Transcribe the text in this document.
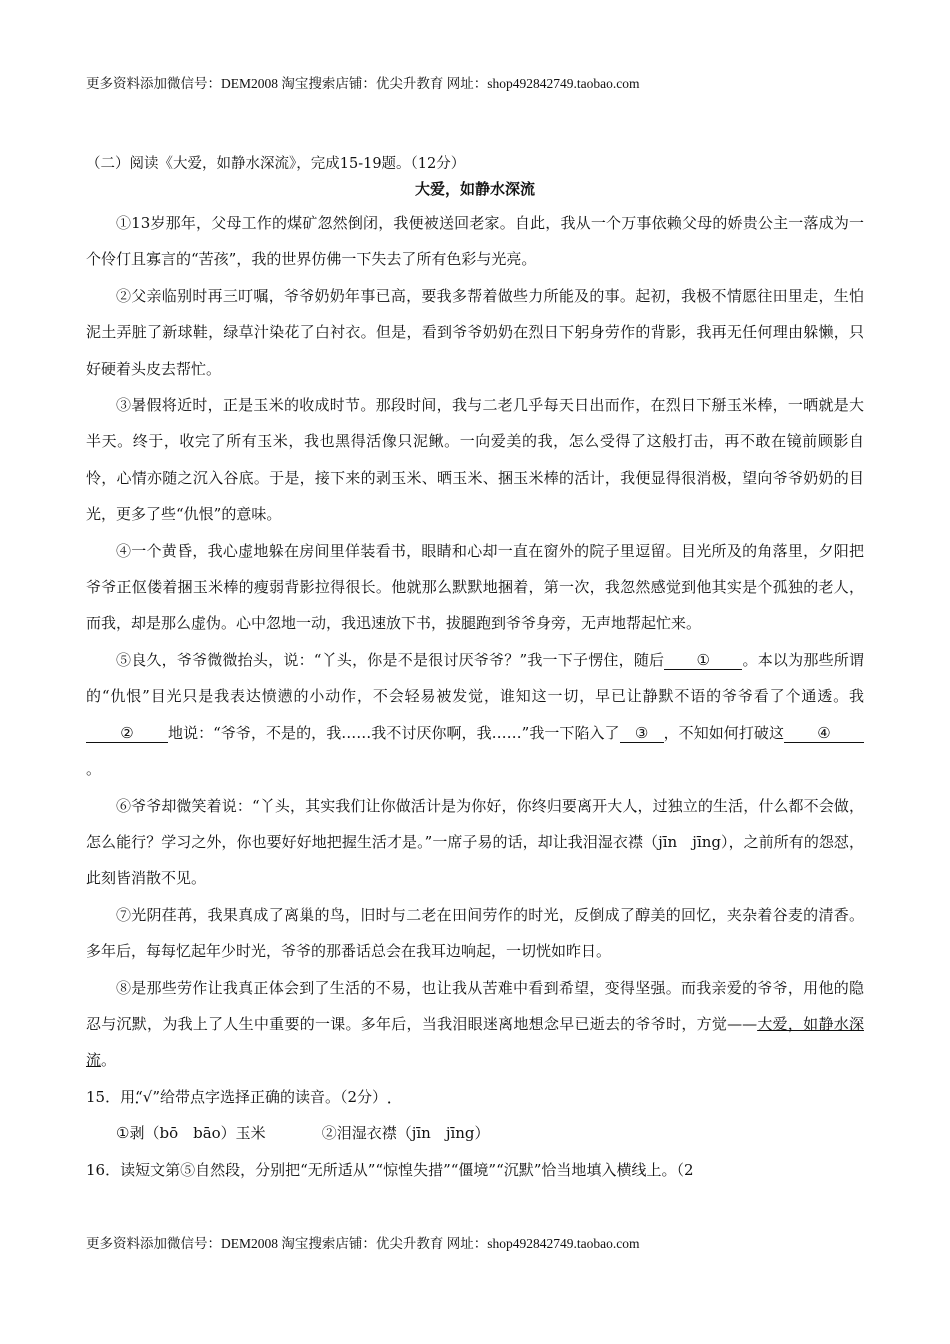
更多资料添加微信号：DEM2008 淘宝搜索店铺：优尖升教育 网址：shop492842749.taobao.com
（二）阅读《大爱，如静水深流》，完成15-19题。（12分）
大爱，如静水深流

①13岁那年，父母工作的煤矿忽然倒闭，我便被送回老家。自此，我从一个万事依赖父母的娇贵公主一落成为一个伶仃且寡言的“苦孩”，我的世界仿佛一下失去了所有色彩与光亮。

②父亲临别时再三叮嘱，爷爷奶奶年事已高，要我多帮着做些力所能及的事。起初，我极不情愿往田里走，生怕泥土弄脏了新球鞋，绿草汁染花了白衬衣。但是，看到爷爷奶奶在烈日下躬身劳作的背影，我再无任何理由躲懒，只好硬着头皮去帮忙。

③暑假将近时，正是玉米的收成时节。那段时间，我与二老几乎每天日出而作，在烈日下掰玉米棒，一晒就是大半天。终于，收完了所有玉米，我也黑得活像只泥鳅。一向爱美的我，怎么受得了这般打击，再不敢在镜前顾影自怜，心情亦随之沉入谷底。于是，接下来的剥玉米、晒玉米、捆玉米棒的活计，我便显得很消极，望向爷爷奶奶的目光，更多了些“仇恨”的意味。

④一个黄昏，我心虚地躲在房间里佯装看书，眼睛和心却一直在窗外的院子里逗留。目光所及的角落里，夕阳把爷爷正伛偻着捆玉米棒的瘦弱背影拉得很长。他就那么默默地捆着，第一次，我忽然感觉到他其实是个孤独的老人，而我，却是那么虚伪。心中忽地一动，我迅速放下书，拔腿跑到爷爷身旁，无声地帮起忙来。

⑤良久，爷爷微微抬头，说：“丫头，你是不是很讨厌爷爷？”我一下子愣住，随后 ① 。本以为那些所谓的“仇恨”目光只是我表达愤懑的小动作，不会轻易被发觉，谁知这一切，早已让静默不语的爷爷看了个通透。我② 地说：“爷爷，不是的，我……我不讨厌你啊，我……”我一下陷入了 ③ ，不知如何打破这 ④。

⑥爷爷却微笑着说：“丫头，其实我们让你做活计是为你好，你终归要离开大人，过独立的生活，什么都不会做，怎么能行？学习之外，你也要好好地把握生活才是。”一席子易的话，却让我泪湿衣襟（jīn　jīng），之前所有的怨怼，此刻皆消散不见。

⑦光阴荏苒，我果真成了离巢的鸟，旧时与二老在田间劳作的时光，反倒成了醇美的回忆，夹杂着谷麦的清香。多年后，每每忆起年少时光，爷爷的那番话总会在我耳边响起，一切恍如昨日。

⑧是那些劳作让我真正体会到了生活的不易，也让我从苦难中看到希望，变得坚强。而我亲爱的爷爷，用他的隐忍与沉默，为我上了人生中重要的一课。多年后，当我泪眼迷离地想念早已逝去的爷爷时，方觉——大爱，如静水深流。

15．用“√”给带点字选择正确的读音。（2分）

①剥（bō　bāo）玉米	②泪湿衣襟（jīn　jīng）

16．读短文第⑤自然段，分别把“无所适从”“惊惶失措”“僵境”“沉默”恰当地填入横线上。（2

更多资料添加微信号：DEM2008 淘宝搜索店铺：优尖升教育 网址：shop492842749.taobao.com
